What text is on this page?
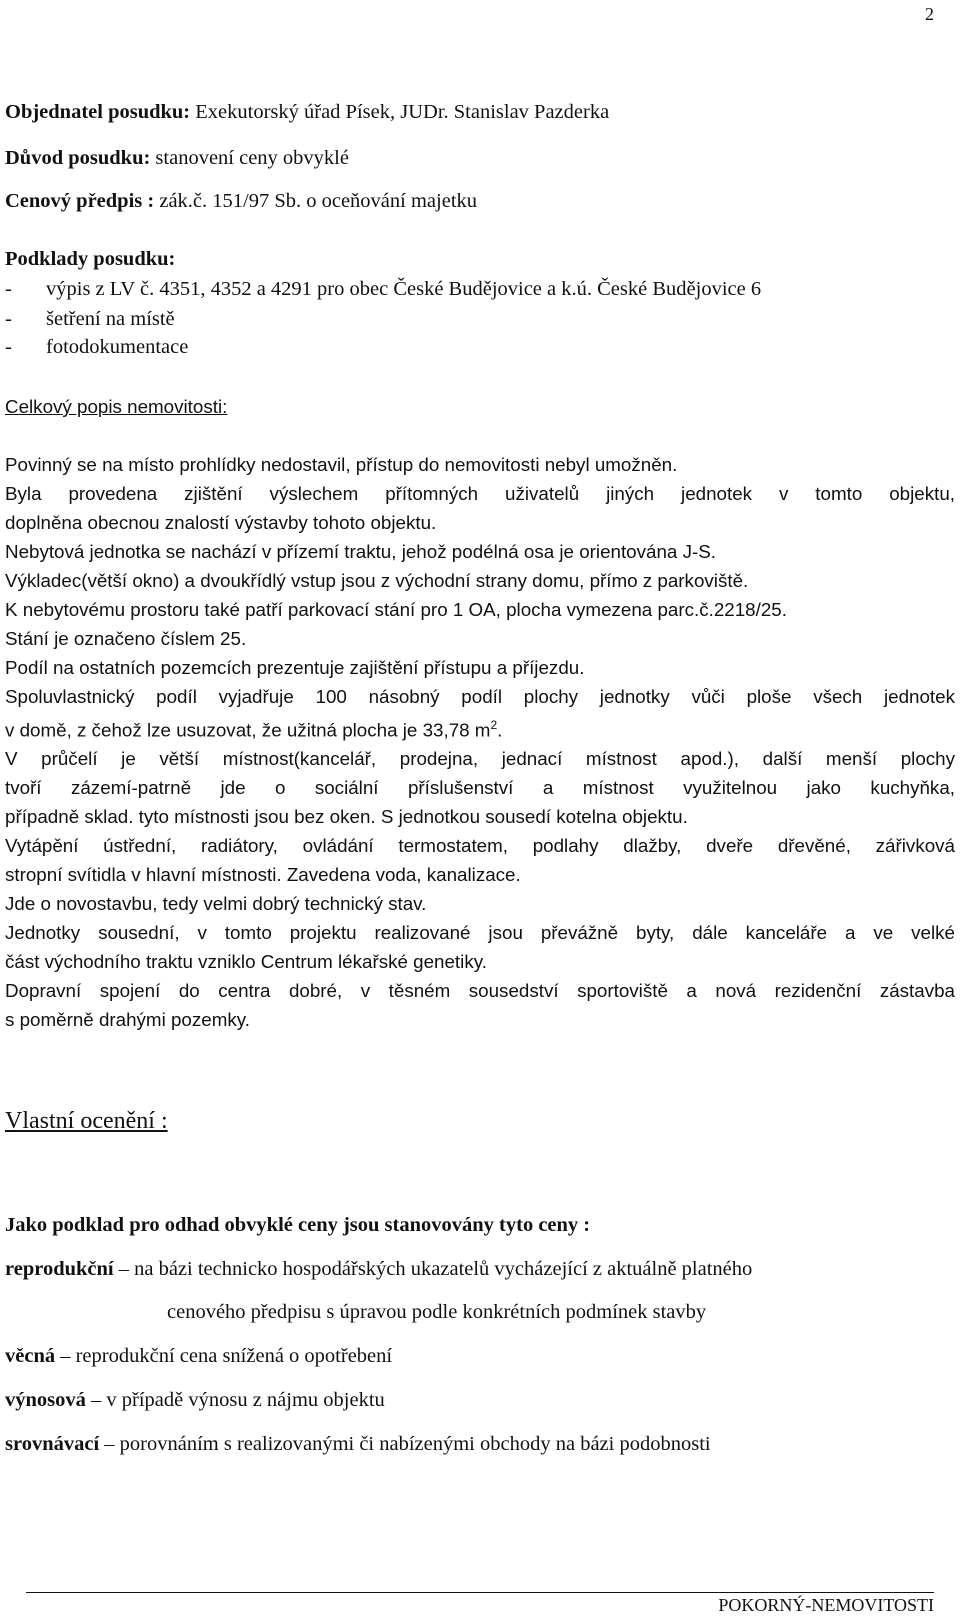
2
Objednatel posudku: Exekutorský úřad Písek, JUDr. Stanislav Pazderka
Důvod posudku: stanovení ceny obvyklé
Cenový předpis : zák.č. 151/97 Sb. o oceňování majetku
Podklady posudku:
- výpis z LV č. 4351, 4352 a 4291 pro obec České Budějovice a k.ú. České Budějovice 6
- šetření na místě
- fotodokumentace
Celkový popis nemovitosti:
Povinný se na místo prohlídky nedostavil, přístup do nemovitosti nebyl umožněn.
Byla provedena zjištění výslechem přítomných uživatelů jiných jednotek v tomto objektu,
doplněna obecnou znalostí výstavby tohoto objektu.
Nebytová jednotka se nachází v přízemí traktu, jehož podélná osa je orientována J-S.
Výkladec(větší okno) a dvoukřídlý vstup jsou z východní strany domu, přímo z parkoviště.
K nebytovému prostoru také patří parkovací stání pro 1 OA, plocha vymezena parc.č.2218/25.
Stání je označeno číslem 25.
Podíl na ostatních pozemcích prezentuje zajištění přístupu a příjezdu.
Spoluvlastnický podíl vyjadřuje 100 násobný podíl plochy jednotky vůči ploše všech jednotek
v domě, z čehož lze usuzovat, že užitná plocha je 33,78 $m^2$.
V průčelí je větší místnost(kancelář, prodejna, jednací místnost apod.), další menší plochy
tvoří zázemí-patrně jde o sociální příslušenství a místnost využitelnou jako kuchyňka,
případně sklad. tyto místnosti jsou bez oken. S jednotkou sousedí kotelna objektu.
Vytápění ústřední, radiátory, ovládání termostatem, podlahy dlažby, dveře dřevěné, zářivková
stropní svítidla v hlavní místnosti. Zavedena voda, kanalizace.
Jde o novostavbu, tedy velmi dobrý technický stav.
Jednotky sousední, v tomto projektu realizované jsou převážně byty, dále kanceláře a ve velké
část východního traktu vzniklo Centrum lékařské genetiky.
Dopravní spojení do centra dobré, v těsném sousedství sportoviště a nová rezidenční zástavba
s poměrně drahými pozemky.
Vlastní ocenění :
Jako podklad pro odhad obvyklé ceny jsou stanovovány tyto ceny :
reprodukční – na bázi technicko hospodářských ukazatelů vycházející z aktuálně platného
cenového předpisu s úpravou podle konkrétních podmínek stavby
věcná – reprodukční cena snížená o opotřebení
výnosová – v případě výnosu z nájmu objektu
srovnávací – porovnáním s realizovanými či nabízenými obchody na bázi podobnosti
POKORNÝ-NEMOVITOSTI
